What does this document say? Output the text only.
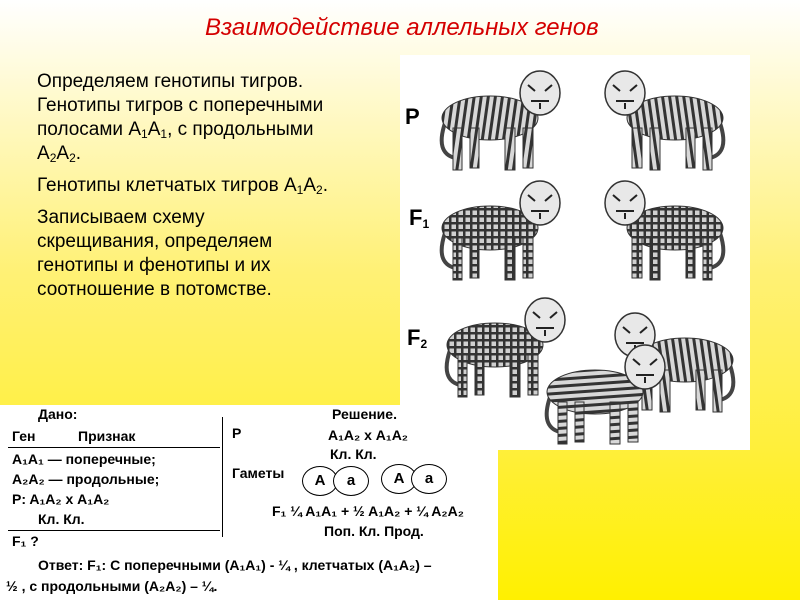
Взаимодействие аллельных генов

Определяем генотипы тигров.
Генотипы тигров с поперечными
полосами $А_1А_1$, с продольными
$А_2А_2$.

Генотипы клетчатых тигров $А_1А_2$.

Записываем схему
скрещивания, определяем
генотипы и фенотипы и их
соотношение в потомстве.

P
$F_1$
$F_2$
Дано:
Ген	Признак
A₁A₁ — поперечные;
A₂A₂ — продольные;
P: A₁A₂ х A₁A₂
Кл. Кл.
F₁ ?
Решение.
P	A₁A₂ х A₁A₂
Кл. Кл.
Гаметы	А	а	А	а
F₁ ¼ A₁A₁ + ½ A₁A₂ + ¼ A₂A₂
Поп. Кл. Прод.
Ответ: F₁: С поперечными (A₁A₁) - ¼ , клетчатых (A₁A₂) –
½ , с продольными (A₂A₂) – ¼.
